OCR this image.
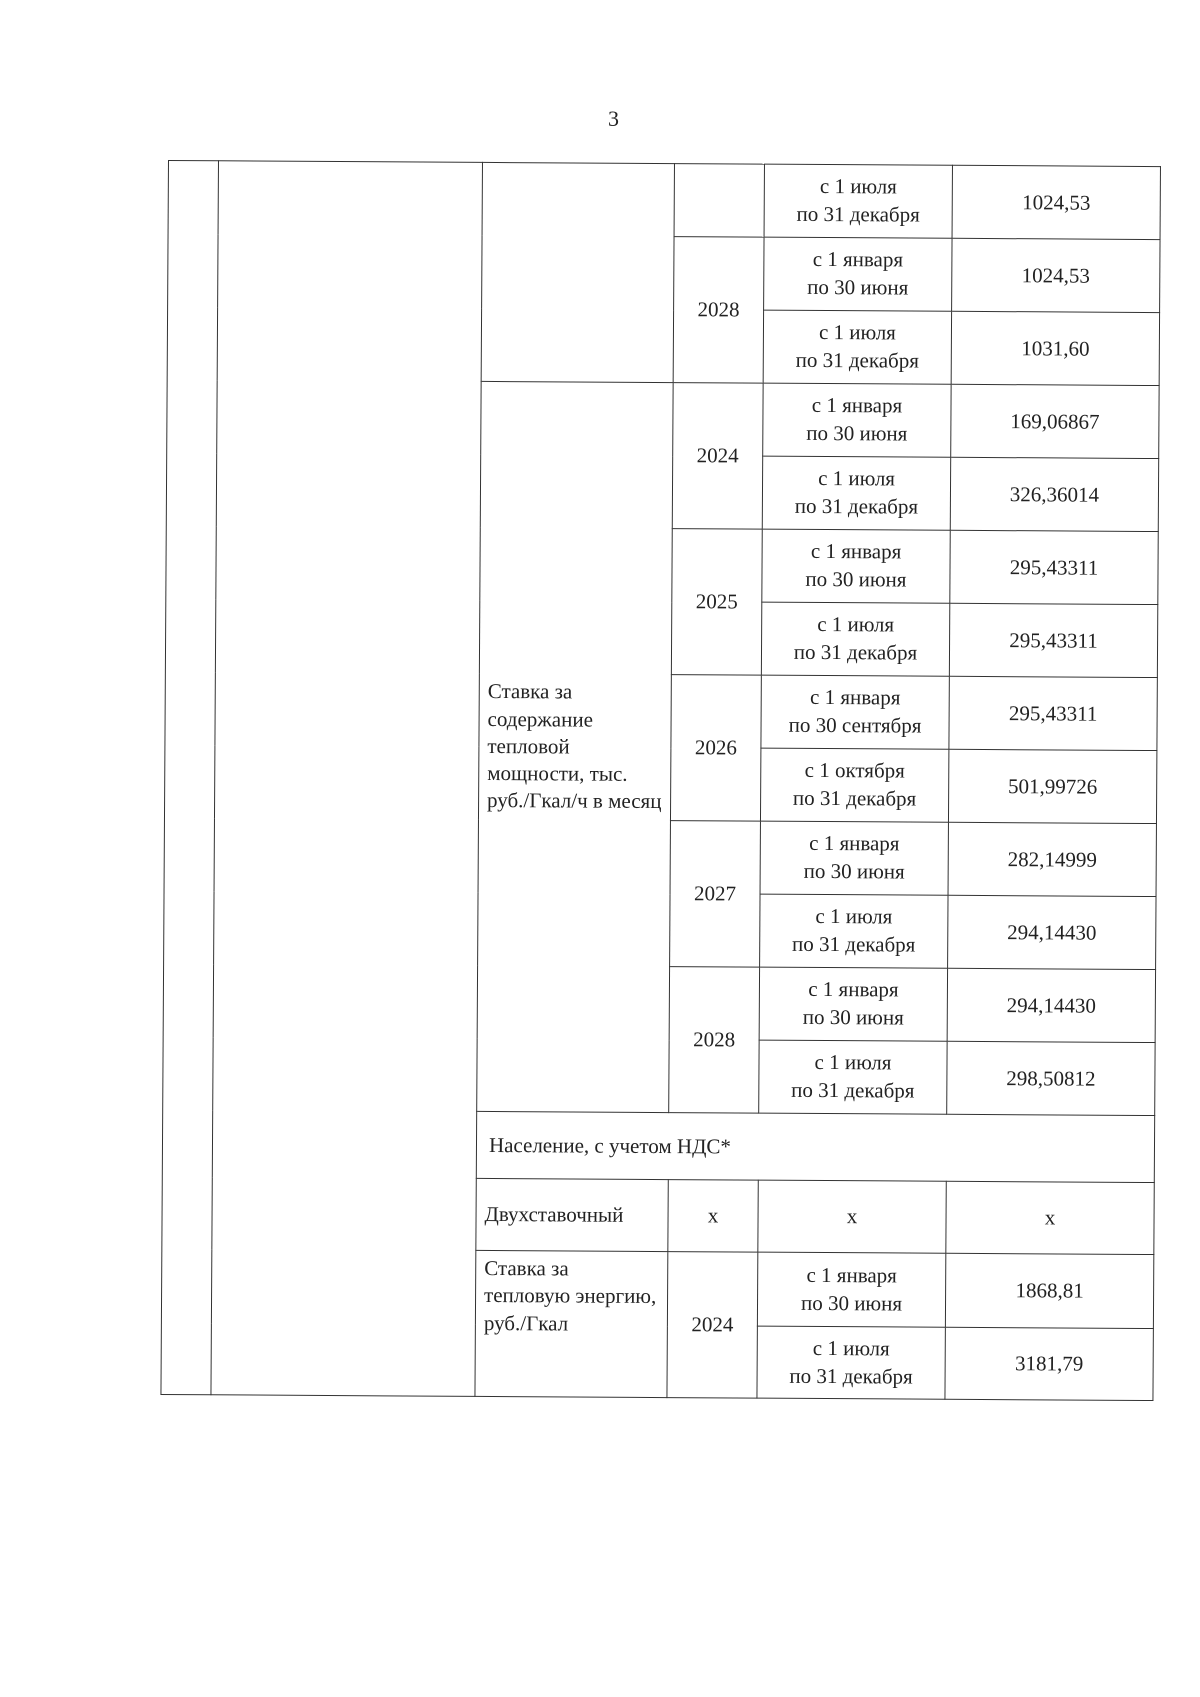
3
				с 1 июля
по 31 декабря	1024,53
			2028	с 1 января
по 30 июня	1024,53
				с 1 июля
по 31 декабря	1031,60
		Ставка за содержание тепловой мощности, тыс. руб./Гкал/ч в месяц	2024	с 1 января
по 30 июня	169,06867
				с 1 июля
по 31 декабря	326,36014
			2025	с 1 января
по 30 июня	295,43311
				с 1 июля
по 31 декабря	295,43311
			2026	с 1 января
по 30 сентября	295,43311
				с 1 октября
по 31 декабря	501,99726
			2027	с 1 января
по 30 июня	282,14999
				с 1 июля
по 31 декабря	294,14430
			2028	с 1 января
по 30 июня	294,14430
				с 1 июля
по 31 декабря	298,50812
		Население, с учетом НДС*			
		Двухставочный	х	х	х
		Ставка за тепловую энергию, руб./Гкал	2024	с 1 января
по 30 июня	1868,81
				с 1 июля
по 31 декабря	3181,79
